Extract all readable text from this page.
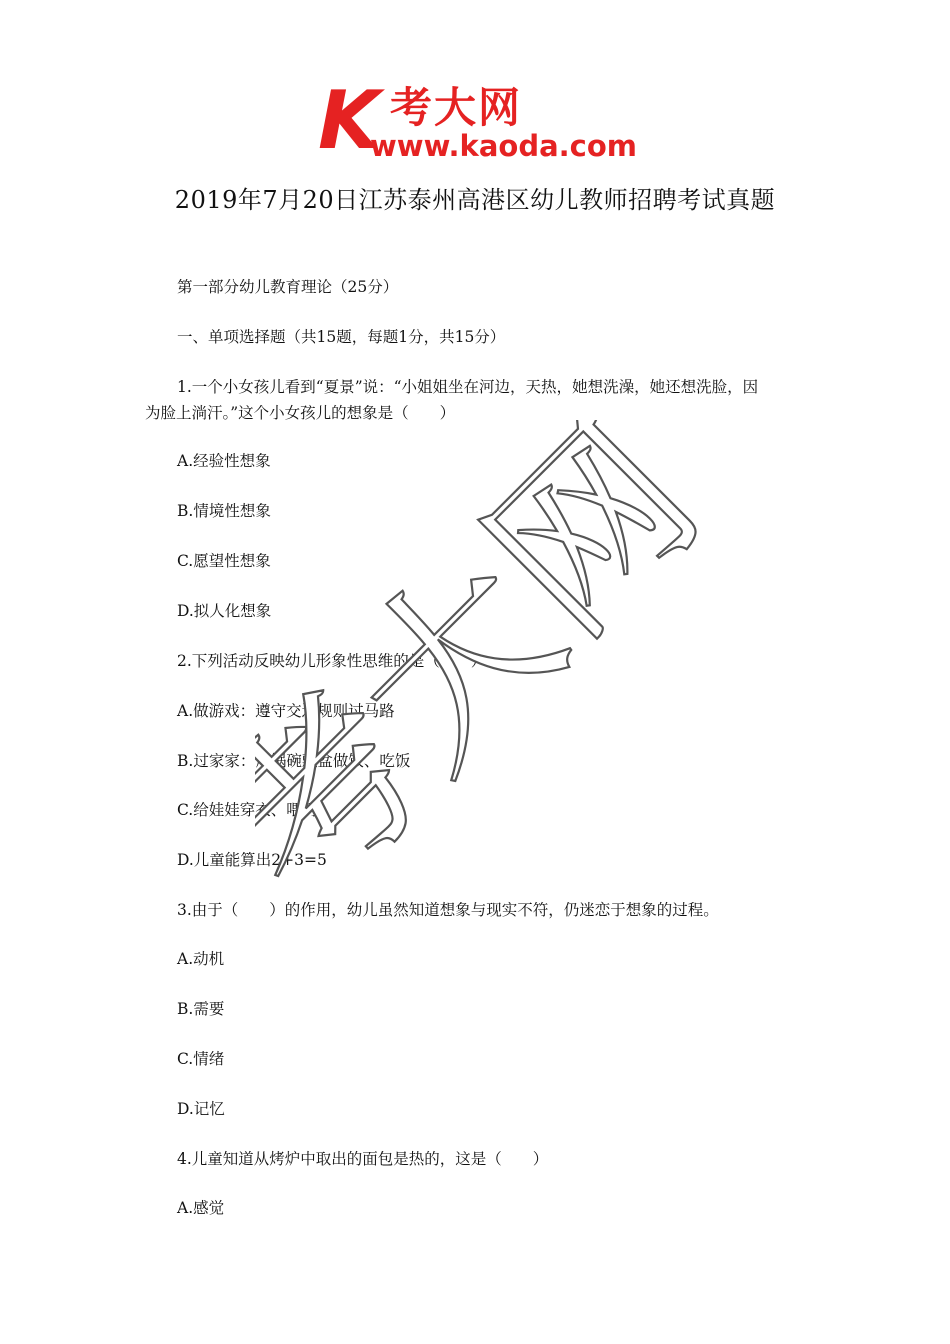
K 考大网
www.kaoda.com
2019年7月20日江苏泰州高港区幼儿教师招聘考试真题
第一部分幼儿教育理论（25分）
一、单项选择题（共15题，每题1分，共15分）
1.一个小女孩儿看到“夏景”说：“小姐姐坐在河边，天热，她想洗澡，她还想洗脸，因
为脸上淌汗。”这个小女孩儿的想象是（　　）
A.经验性想象
B.情境性想象
C.愿望性想象
D.拟人化想象
2.下列活动反映幼儿形象性思维的是（　　）
A.做游戏：遵守交通规则过马路
B.过家家：用锅碗瓢盆做饭、吃饭
C.给娃娃穿衣、喂奶
D.儿童能算出2+3=5
3.由于（　　）的作用，幼儿虽然知道想象与现实不符，仍迷恋于想象的过程。
A.动机
B.需要
C.情绪
D.记忆
4.儿童知道从烤炉中取出的面包是热的，这是（　　）
A.感觉
考大网
